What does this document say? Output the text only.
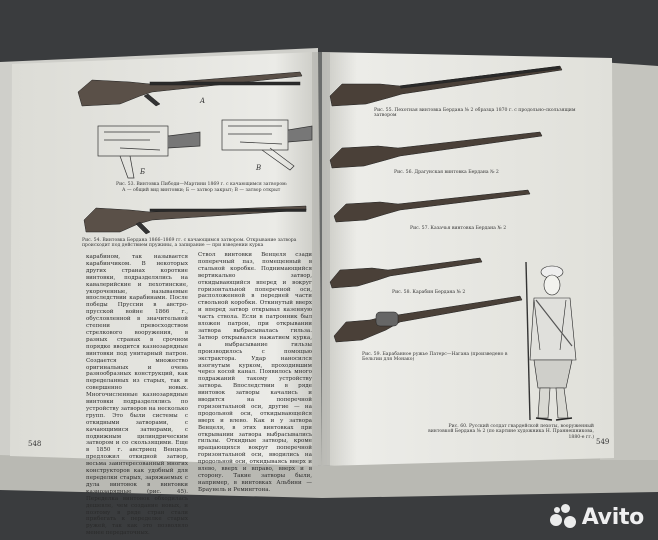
A
Б	В
Рис. 53. Винтовка Пибоди—Мартини 1869 г. с качающимся затвором:
А — общий вид винтовки; Б — затвор закрыт; В — затвор открыт
Рис. 54. Винтовка Бердана 1866–1869 гг. с качающимся затвором. Открывание затвора происходит под действием пружины, а запирание — при взведении курка
карабином, так называется карабинчиком. В некоторых других странах короткие винтовки, подразделялись на кавалерийские и пехотинские, укороченные, называемые впоследствии карабинами. После победы Пруссии в австро-прусской войне 1866 г., обусловленной в значительной степени превосходством стрелкового вооружения, в разных странах в срочном порядке вводится казнозарядные винтовки под унитарный патрон. Создается множество оригинальных и очень разнообразных конструкций, как переделанных из старых, так и совершенно новых. Многочисленные казнозарядные винтовки подразделялись по устройству затворов на несколько групп. Это были системы с откидными затворами, с качающимися затворами, с подвижным цилиндрическим затвором и со скользящими. Еще в 1850 г. австриец Венцель предложил откидной затвор, весьма заинтересованный многих конструкторов как удобный для переделки старых, заряжаемых с дула винтовок в винтовки казнозарядные (рис. 45). Переделка винтовок обходилась дешевле, чем создание новых, и поэтому в ряде стран стали прибегать к переделке старых ружей, так как это позволяло менее передаточных.
Ствол винтовки Венцеля сзади поперечный паз, помещенный в стальной коробке. Поднимающийся вертикально затвор, откидывающийся вперед и вокруг горизонтальной поперечной оси, расположенной в передней части ствольной коробки. Откинутый вверх и вперед затвор открывал казенную часть ствола. Если в патронник был вложен патрон, при открывании затвора выбрасывалась гильза. Затвор открывался нажатием курка, а выбрасывание гильзы производилось с помощью экстрактора. Удар наносился изогнутым курком, проходившим через косой канал. Появилось много подражаний такому устройству затвора. Впоследствии в ряде винтовок затворы качались и вводится на поперечной горизонтальной оси, другие — на продольной оси, откидывающейся вверх и влево. Как и у затвора Венцеля, в этих винтовках при открывании затвора выбрасывались гильзы. Откидные затворы, кроме вращающихся вокруг поперечной горизонтальной оси, вводились на продольной оси, откидываясь вверх и влево, вверх и вправо, вверх и в сторону. Такие затворы были, например, в винтовках Альбини — Браунель и Ремингтона.
548
Рис. 55. Пехотная винтовка Бердана № 2 образца 1870 г. с продольно-скользящим затвором
Рис. 56. Драгунская винтовка Бердана № 2
Рис. 57. Казачья винтовка Бердана № 2
Рис. 58. Карабин Бердана № 2
Рис. 59. Барабанное ружье Патерс—Нагана (произведено в Бельгии для Монако)
Рис. 60. Русский солдат гвардейской пехоты, вооруженный винтовкой Бердана № 2 (по картине художника Н. Праннешникова, 1880-е гг.)
549
Avito
